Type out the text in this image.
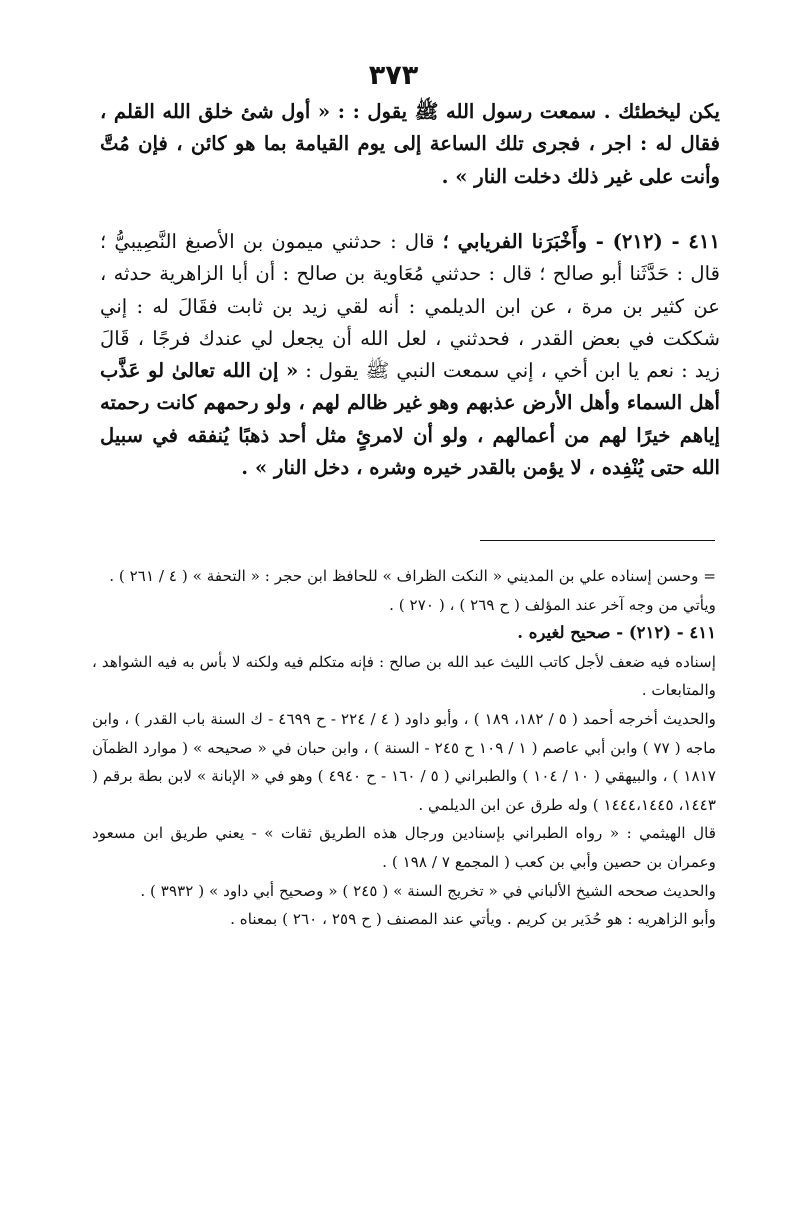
٣٧٣

يكن ليخطئك . سمعت رسول الله ﷺ يقول : : « أول شئ خلق الله القلم ، فقال له : اجر ، فجرى تلك الساعة إلى يوم القيامة بما هو كائن ، فإن مُتَّ وأنت على غير ذلك دخلت النار » .

٤١١ - (٢١٢) - وأَخْبَرَنا الفريابي ؛ قال : حدثني ميمون بن الأصبغ النَّصِيبيُّ ؛ قال : حَدَّثَنا أبو صالح ؛ قال : حدثني مُعَاوية بن صالح : أن أبا الزاهرية حدثه ، عن كثير بن مرة ، عن ابن الديلمي : أنه لقي زيد بن ثابت فقَالَ له : إني شككت في بعض القدر ، فحدثني ، لعل الله أن يجعل لي عندك فرجًا ، قَالَ زيد : نعم يا ابن أخي ، إني سمعت النبي ﷺ يقول : « إن الله تعالىٰ لو عَذَّب أهل السماء وأهل الأرض عذبهم وهو غير ظالم لهم ، ولو رحمهم كانت رحمته إياهم خيرًا لهم من أعمالهم ، ولو أن لامرئٍ مثل أحد ذهبًا يُنفقه في سبيل الله حتى يُنْفِده ، لا يؤمن بالقدر خيره وشره ، دخل النار » .

= وحسن إسناده علي بن المديني « النكت الظراف » للحافظ ابن حجر : « التحفة » ( ٤ / ٢٦١ ) .

ويأتي من وجه آخر عند المؤلف ( ح ٢٦٩ ) ، ( ٢٧٠ ) .

٤١١ - (٢١٢) - صحيح لغيره .

إسناده فيه ضعف لأجل كاتب الليث عبد الله بن صالح : فإنه متكلم فيه ولكنه لا بأس به فيه الشواهد ، والمتابعات .

والحديث أخرجه أحمد ( ٥ / ١٨٢، ١٨٩ ) ، وأبو داود ( ٤ / ٢٢٤ - ح ٤٦٩٩ - ك السنة باب القدر ) ، وابن ماجه ( ٧٧ ) وابن أبي عاصم ( ١ / ١٠٩ ح ٢٤٥ - السنة ) ، وابن حبان في « صحيحه » ( موارد الظمآن ١٨١٧ ) ، والبيهقي ( ١٠ / ١٠٤ ) والطبراني ( ٥ / ١٦٠ - ح ٤٩٤٠ ) وهو في « الإبانة » لابن بطة برقم ( ١٤٤٣، ١٤٤٤،١٤٤٥ ) وله طرق عن ابن الديلمي .

قال الهيثمي : « رواه الطبراني بإسنادين ورجال هذه الطريق ثقات » - يعني طريق ابن مسعود وعمران بن حصين وأبي بن كعب ( المجمع ٧ / ١٩٨ ) .

والحديث صححه الشيخ الألباني في « تخريج السنة » ( ٢٤٥ ) « وصحيح أبي داود » ( ٣٩٣٢ ) .

وأبو الزاهريه : هو حُدَير بن كريم . ويأتي عند المصنف ( ح ٢٥٩ ، ٢٦٠ ) بمعناه .
